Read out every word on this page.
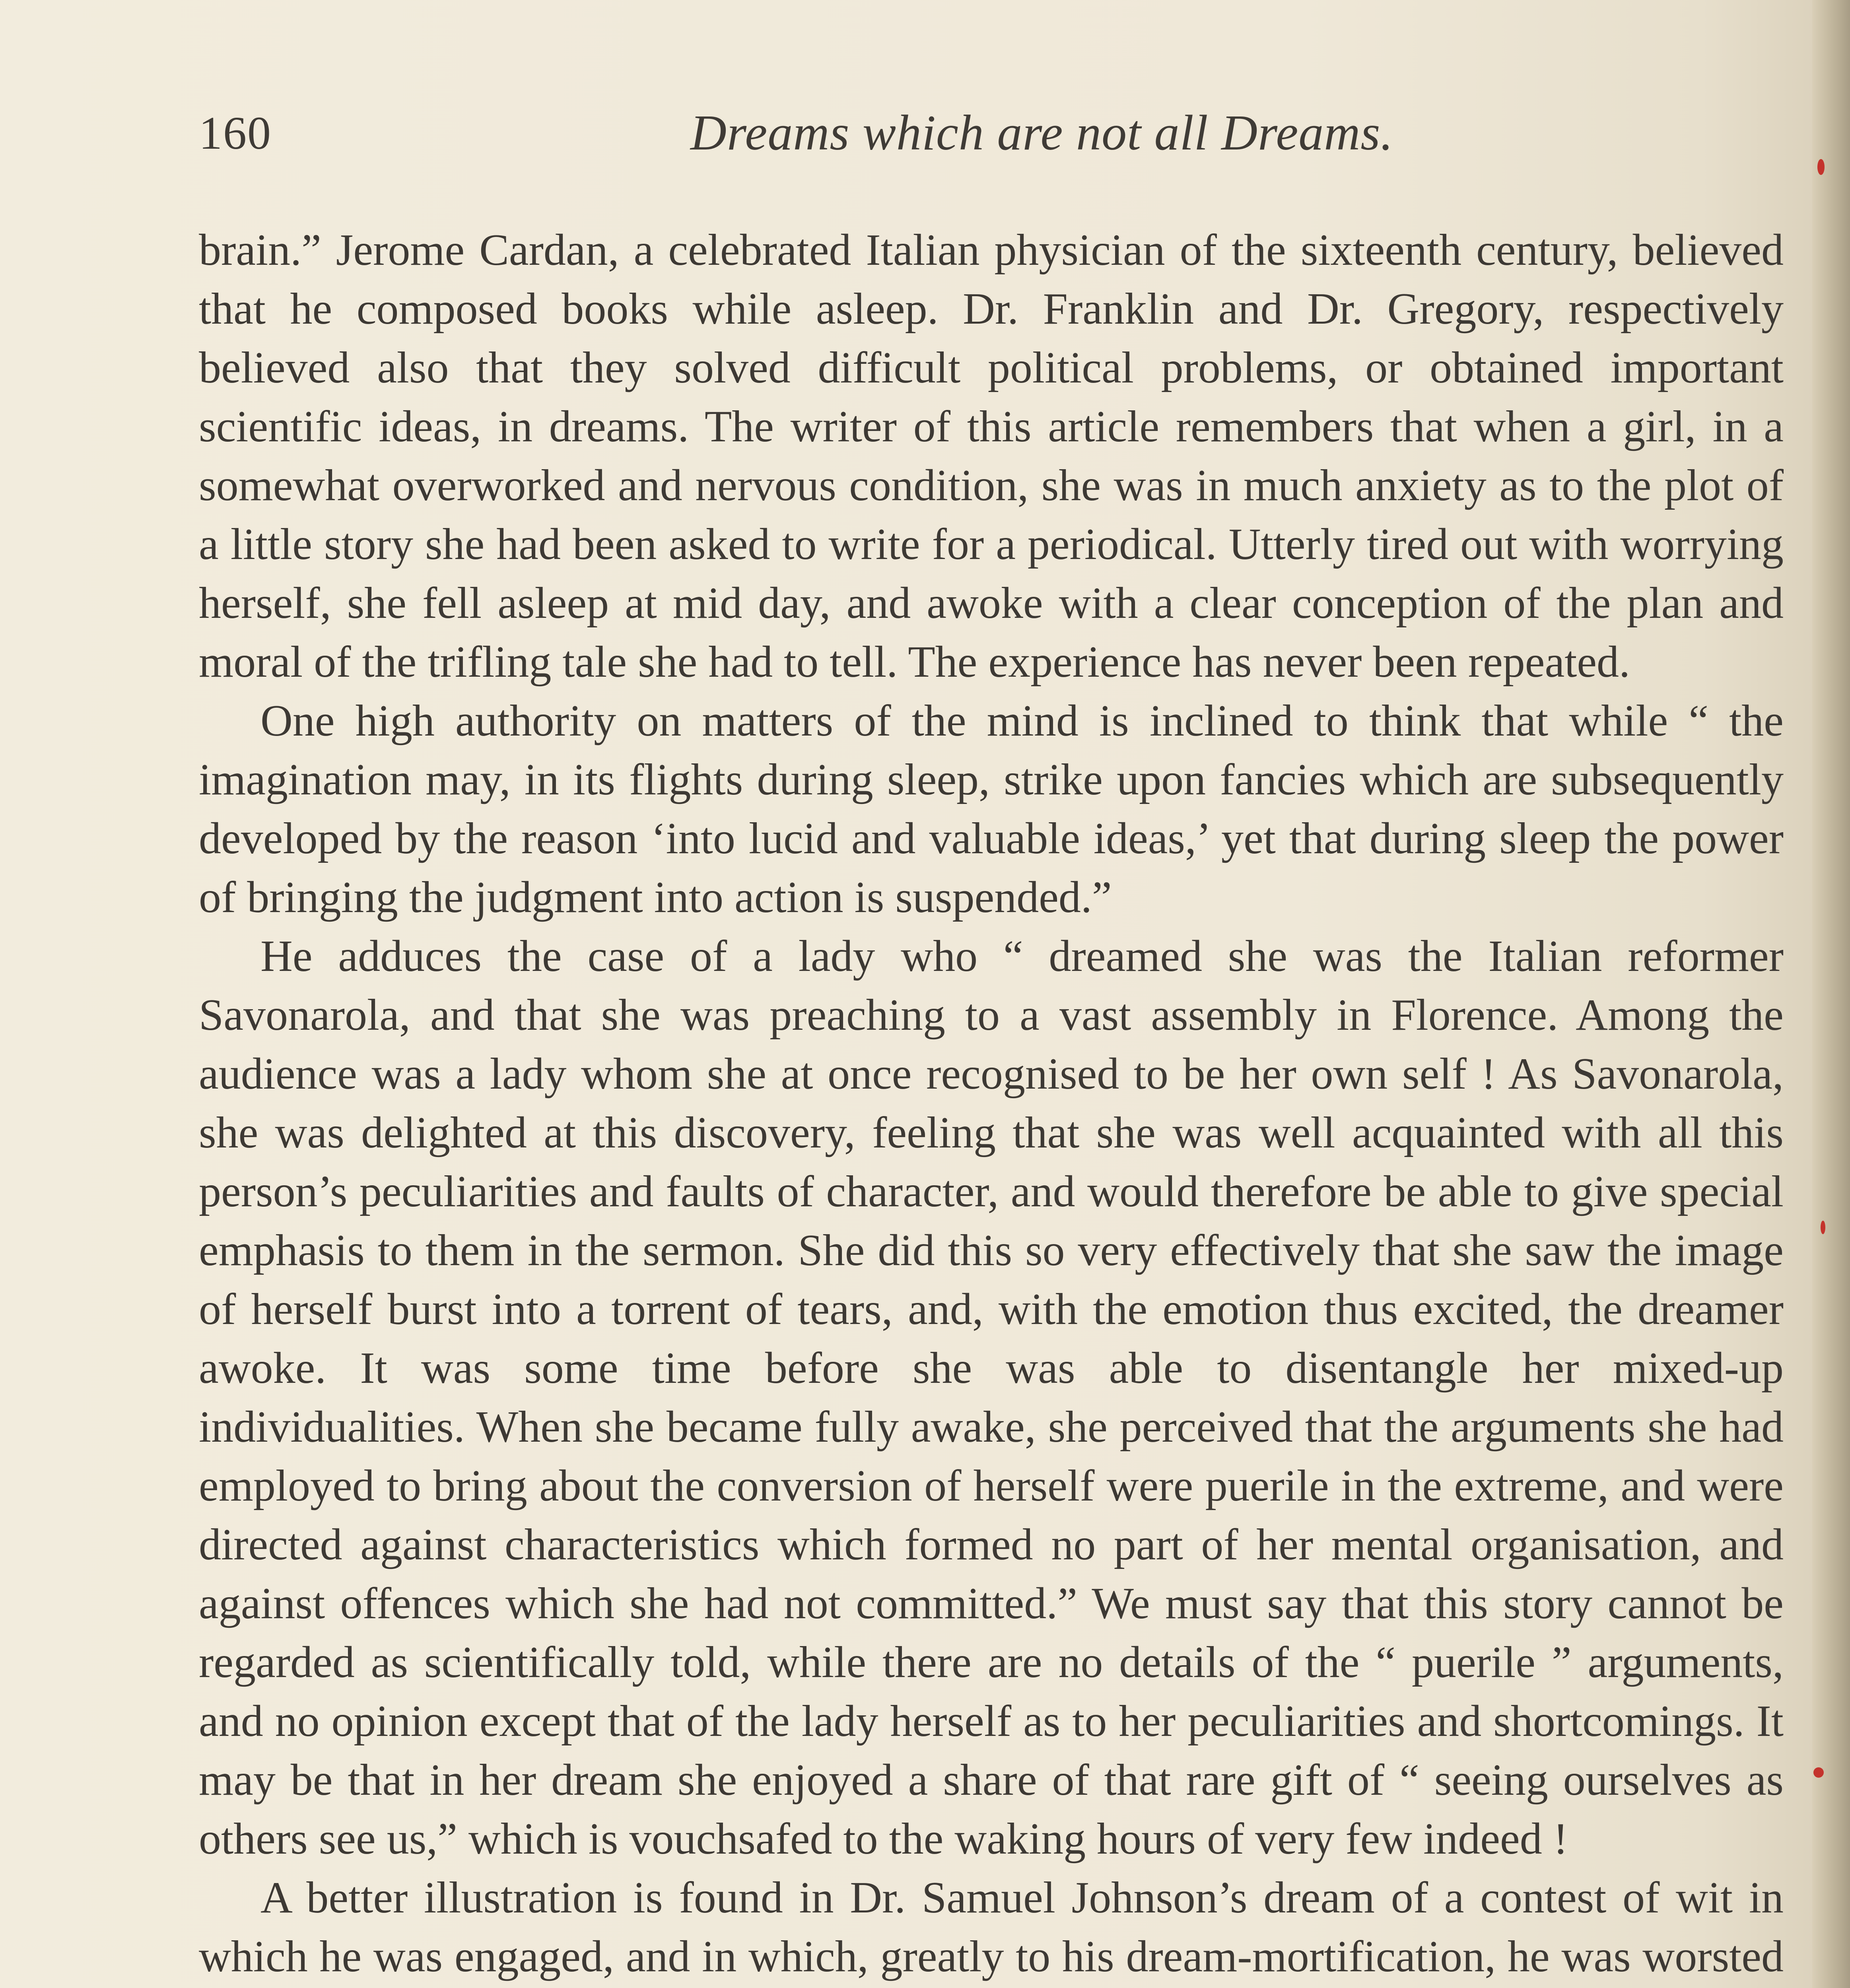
160	Dreams which are not all Dreams.

brain.” Jerome Cardan, a celebrated Italian physician of the sixteenth century, believed that he composed books while asleep. Dr. Franklin and Dr. Gregory, respectively believed also that they solved difficult political problems, or obtained important scientific ideas, in dreams. The writer of this article remembers that when a girl, in a somewhat overworked and nervous condition, she was in much anxiety as to the plot of a little story she had been asked to write for a periodical. Utterly tired out with worrying herself, she fell asleep at mid day, and awoke with a clear conception of the plan and moral of the trifling tale she had to tell. The experience has never been repeated.

One high authority on matters of the mind is inclined to think that while “ the imagination may, in its flights during sleep, strike upon fancies which are subsequently developed by the reason ‘into lucid and valuable ideas,’ yet that during sleep the power of bringing the judgment into action is suspended.”

He adduces the case of a lady who “ dreamed she was the Italian reformer Savonarola, and that she was preaching to a vast assembly in Florence. Among the audience was a lady whom she at once recognised to be her own self ! As Savonarola, she was delighted at this discovery, feeling that she was well acquainted with all this person’s peculiarities and faults of character, and would therefore be able to give special emphasis to them in the sermon. She did this so very effectively that she saw the image of herself burst into a torrent of tears, and, with the emotion thus excited, the dreamer awoke. It was some time before she was able to disentangle her mixed-up individualities. When she became fully awake, she perceived that the arguments she had employed to bring about the conversion of herself were puerile in the extreme, and were directed against characteristics which formed no part of her mental organisation, and against offences which she had not committed.” We must say that this story cannot be regarded as scientifically told, while there are no details of the “ puerile ” arguments, and no opinion except that of the lady herself as to her peculiarities and shortcomings. It may be that in her dream she enjoyed a share of that rare gift of “ seeing ourselves as others see us,” which is vouchsafed to the waking hours of very few indeed !

A better illustration is found in Dr. Samuel Johnson’s dream of a contest of wit in which he was engaged, and in which, greatly to his dream-mortification, he was worsted
